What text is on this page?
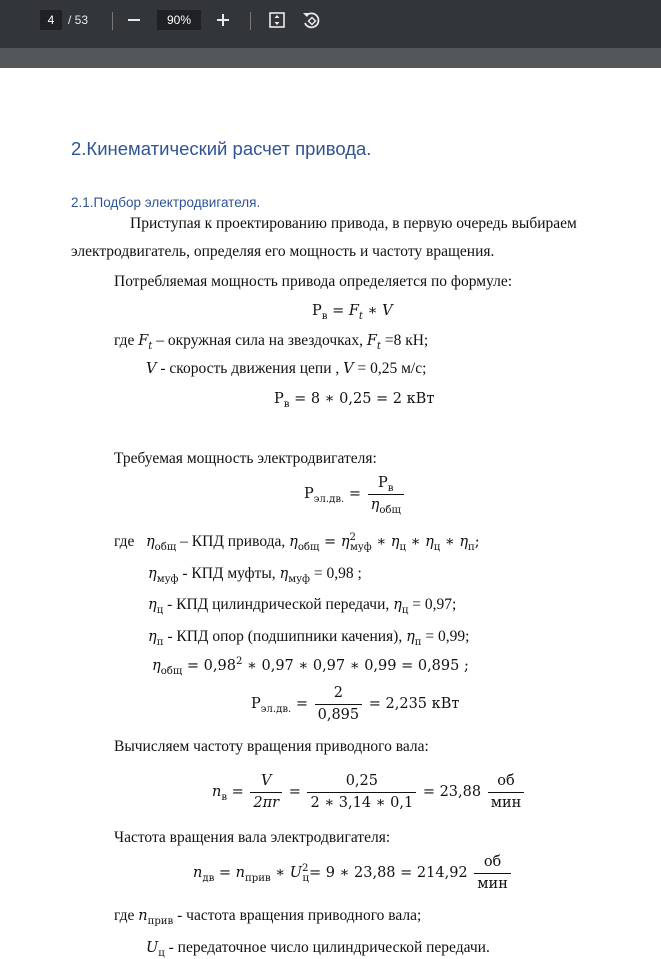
4	/ 53	90%
2.Кинематический расчет привода.
2.1.Подбор электродвигателя.
Приступая к проектированию привода, в первую очередь выбираем
электродвигатель, определяя его мощность и частоту вращения.
Потребляемая мощность привода определяется по формуле:
$Р_в = F_t$ ∗ V
где $F_t$ – окружная сила на звездочках, $F_t =8$ кН;
V - скорость движения цепи , V = 0,25 м/с;
$Р_в = 8$ ∗ 0,25 = 2 кВт
Требуемая мощность электродвигателя:
$Р_{эл.дв.} = \frac{Р_в}{\eta_{общ}}$
где $\eta_{общ}$ – КПД привода, $\eta_{общ} = \eta^2_{муф}$ ∗ $\eta_ц$ ∗ $\eta_ц$ ∗ $\eta_п$;
$\eta_{муф}$ - КПД муфты, $\eta_{муф} = 0,98$ ;
$\eta_ц$ - КПД цилиндрической передачи, $\eta_ц = 0,97$;
$\eta_п$ - КПД опор (подшипники качения), $\eta_п = 0,99$;
$\eta_{общ} = 0,98^2$ ∗ 0,97 ∗ 0,97 ∗ 0,99 = 0,895 ;
$Р_{эл.дв.} = \frac{2}{0,895} = 2,235$ кВт
Вычисляем частоту вращения приводного вала:
$n_в = \frac{V}{2\pi r} = \frac{0,25}{2 ∗ 3,14 ∗ 0,1} = 23,88 \frac{об}{\text{мин}}$
Частота вращения вала электродвигателя:
$n_{дв} = n_{прив}$ ∗ $U^2_ц= 9$ ∗ $23,88 = 214,92 \frac{об}{\text{мин}}$
где $n_{прив}$ - частота вращения приводного вала;
$U_ц$ - передаточное число цилиндрической передачи.
